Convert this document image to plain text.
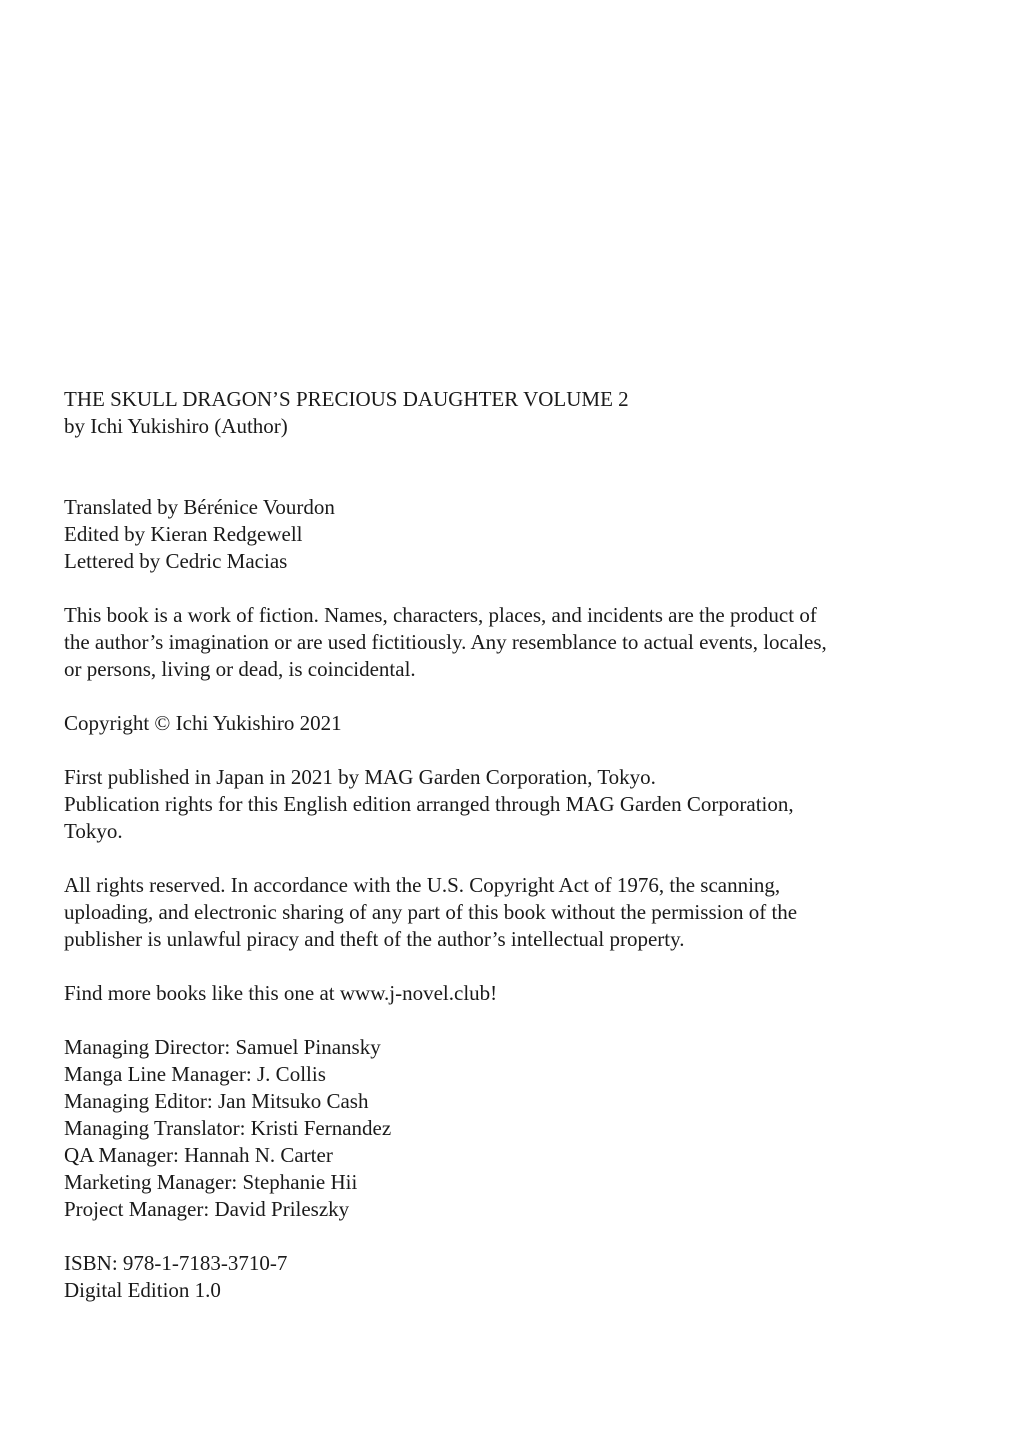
THE SKULL DRAGON’S PRECIOUS DAUGHTER VOLUME 2
by Ichi Yukishiro (Author)
Translated by Bérénice Vourdon
Edited by Kieran Redgewell
Lettered by Cedric Macias
This book is a work of fiction. Names, characters, places, and incidents are the product of
the author’s imagination or are used fictitiously. Any resemblance to actual events, locales,
or persons, living or dead, is coincidental.
Copyright © Ichi Yukishiro 2021
First published in Japan in 2021 by MAG Garden Corporation, Tokyo.
Publication rights for this English edition arranged through MAG Garden Corporation,
Tokyo.
All rights reserved. In accordance with the U.S. Copyright Act of 1976, the scanning,
uploading, and electronic sharing of any part of this book without the permission of the
publisher is unlawful piracy and theft of the author’s intellectual property.
Find more books like this one at www.j-novel.club!
Managing Director: Samuel Pinansky
Manga Line Manager: J. Collis
Managing Editor: Jan Mitsuko Cash
Managing Translator: Kristi Fernandez
QA Manager: Hannah N. Carter
Marketing Manager: Stephanie Hii
Project Manager: David Prileszky
ISBN: 978-1-7183-3710-7
Digital Edition 1.0
